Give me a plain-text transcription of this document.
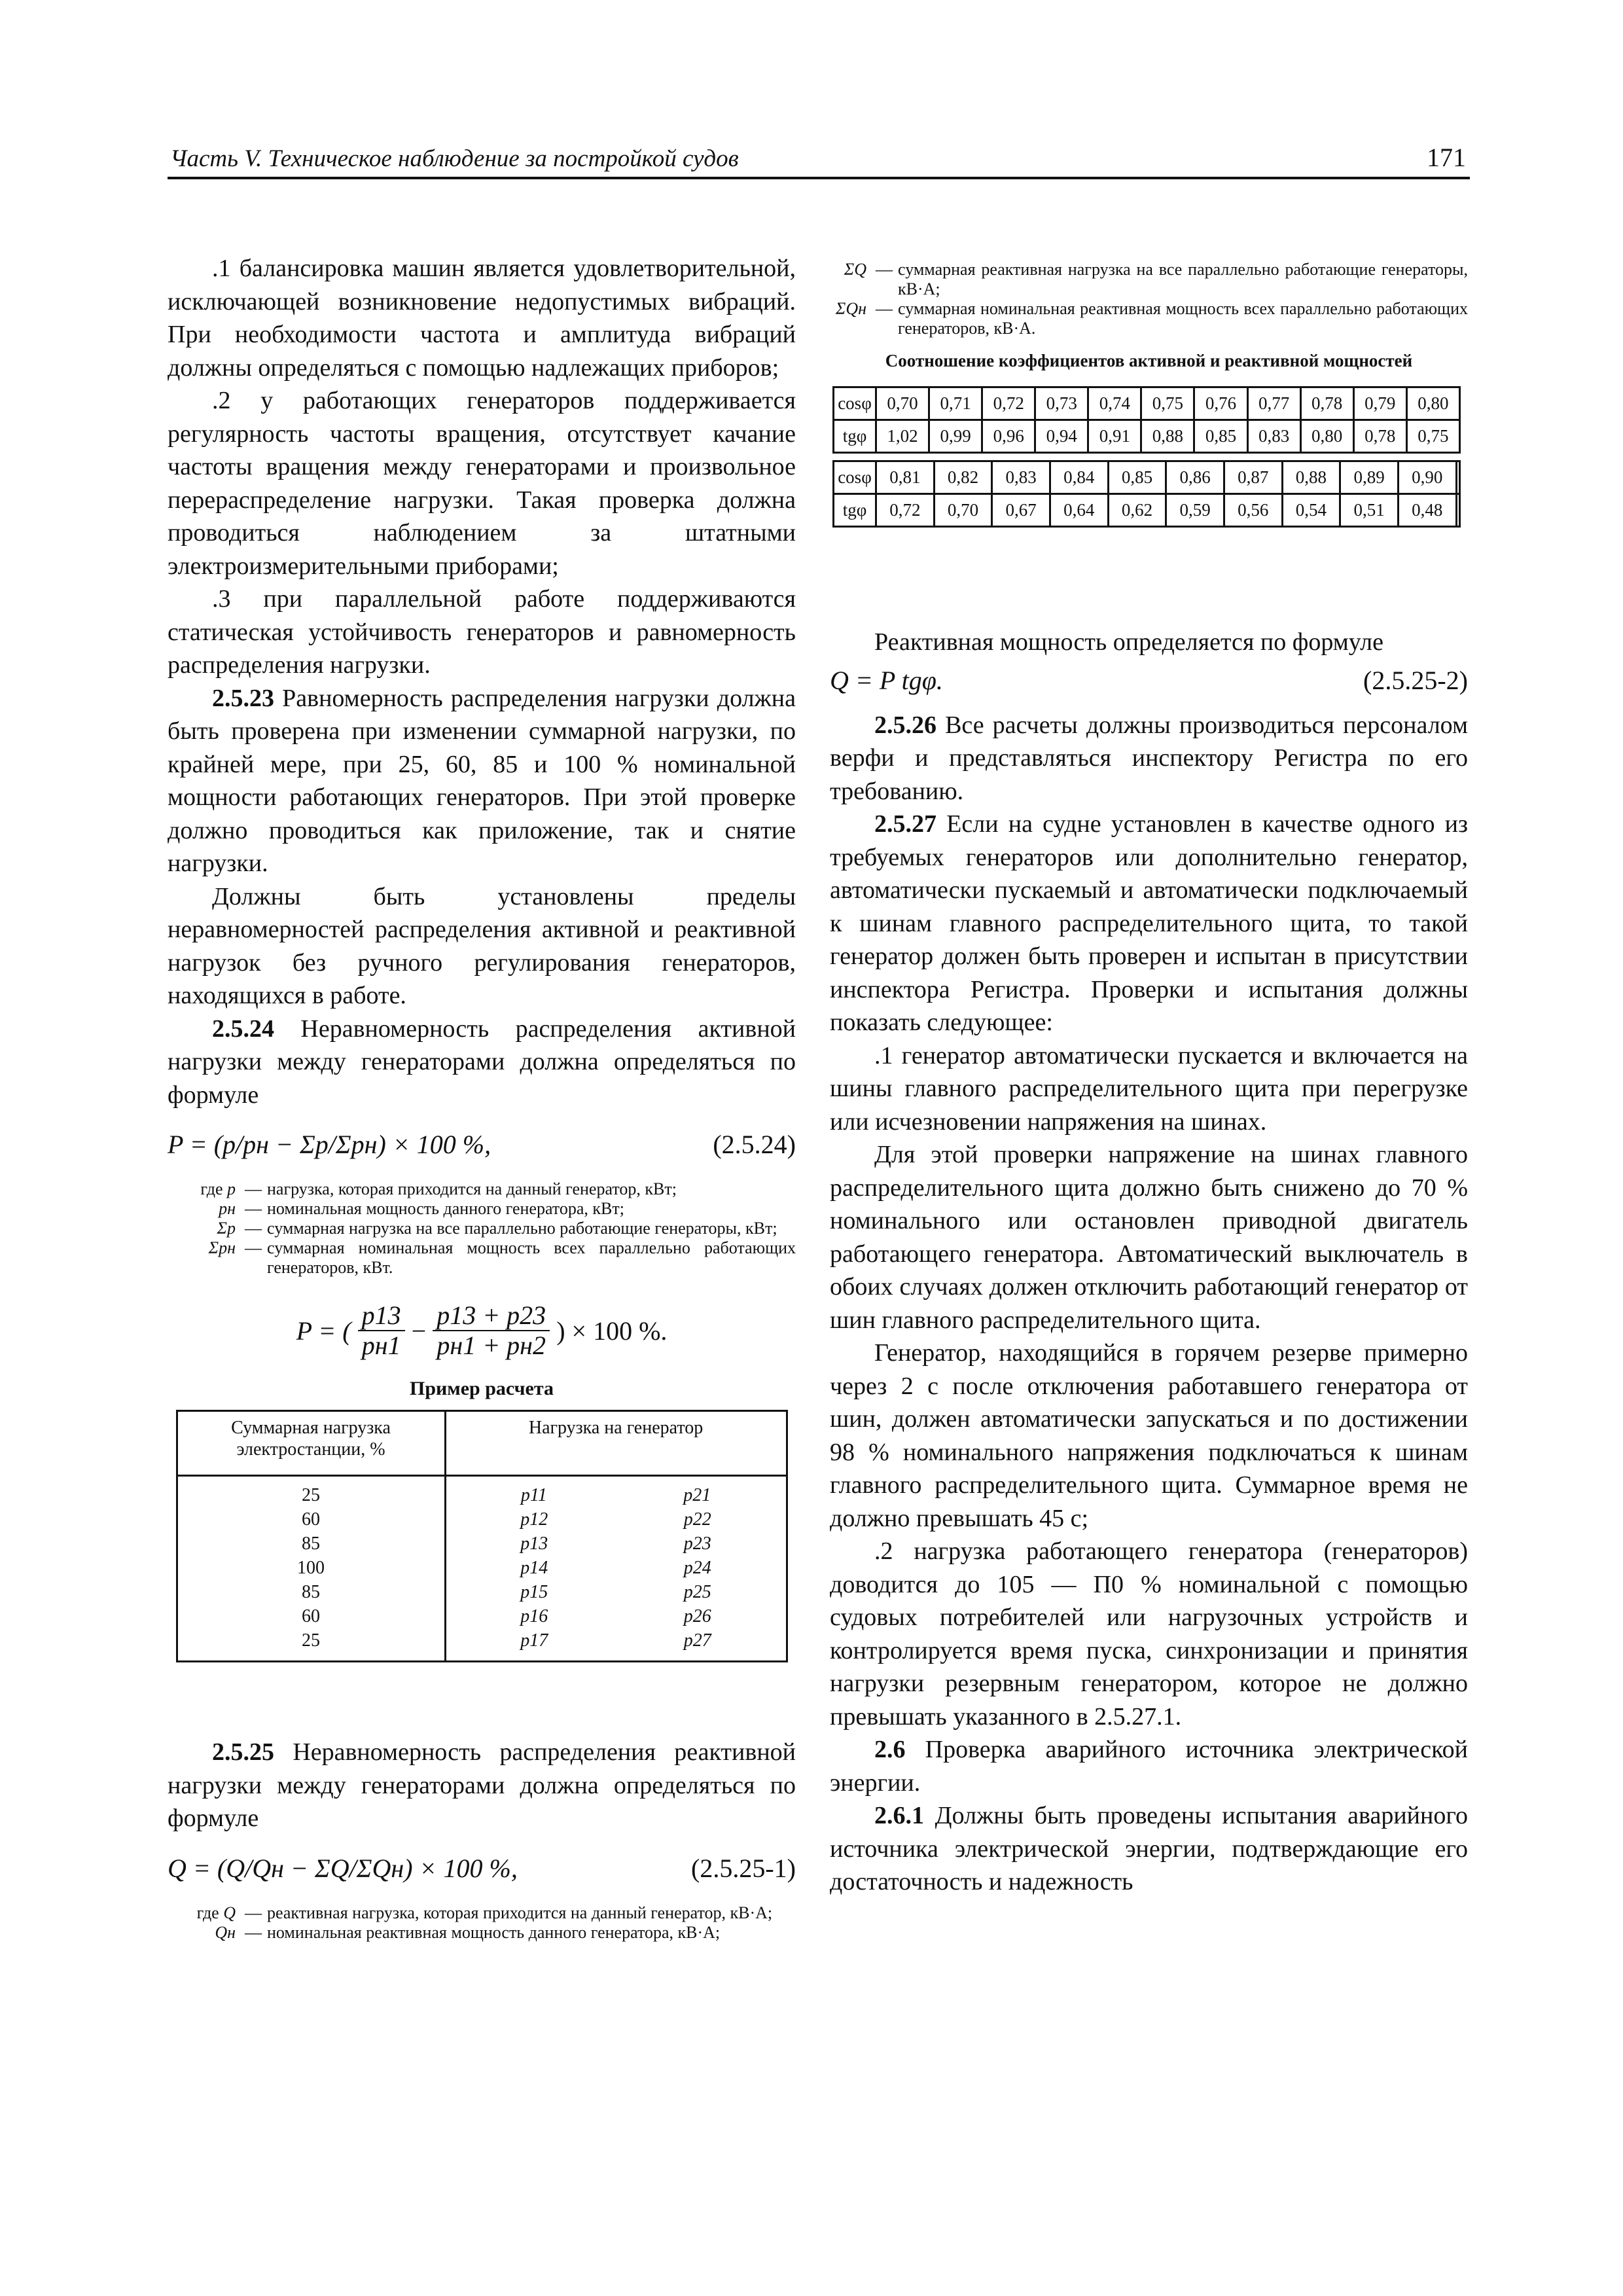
Часть V. Техническое наблюдение за постройкой судов	171

.1 балансировка машин является удовлетворительной, исключающей возникновение недопустимых вибраций. При необходимости частота и амплитуда вибраций должны определяться с помощью надлежащих приборов;

.2 у работающих генераторов поддерживается регулярность частоты вращения, отсутствует качание частоты вращения между генераторами и произвольное перераспределение нагрузки. Такая проверка должна проводиться наблюдением за штатными электроизмерительными приборами;

.3 при параллельной работе поддерживаются статическая устойчивость генераторов и равномерность распределения нагрузки.

2.5.23 Равномерность распределения нагрузки должна быть проверена при изменении суммарной нагрузки, по крайней мере, при 25, 60, 85 и 100 % номинальной мощности работающих генераторов. При этой проверке должно проводиться как приложение, так и снятие нагрузки.

Должны быть установлены пределы неравномерностей распределения активной и реактивной нагрузок без ручного регулирования генераторов, находящихся в работе.

2.5.24 Неравномерность распределения активной нагрузки между генераторами должна определяться по формуле

P = (p/pн − Σp/Σpн) × 100 %,	(2.5.24)
где p — нагрузка, которая приходится на данный генератор, кВт;
pн — номинальная мощность данного генератора, кВт;
Σp — суммарная нагрузка на все параллельно работающие генераторы, кВт;
Σpн — суммарная номинальная мощность всех параллельно работающих генераторов, кВт.
P = ( $\frac{p13}{pн1} - \frac{p13 + p23}{pн1 + pн2}$ ) × 100 %.
Пример расчета
Суммарная нагрузка электростанции, %	Нагрузка на генератор
25	p11 p21

60	p12 p22

85	p13 p23

100	p14 p24

85	p15 p25

60	p16 p26

25	p17 p27

2.5.25 Неравномерность распределения реактивной нагрузки между генераторами должна определяться по формуле

Q = (Q/Qн − ΣQ/ΣQн) × 100 %,	(2.5.25-1)
где Q — реактивная нагрузка, которая приходится на данный генератор, кВ·А;
Qн — номинальная реактивная мощность данного генератора, кВ·А;
ΣQ — суммарная реактивная нагрузка на все параллельно работающие генераторы, кВ·А;
ΣQн — суммарная номинальная реактивная мощность всех параллельно работающих генераторов, кВ·А.
Соотношение коэффициентов активной и реактивной мощностей
cosφ	0,70	0,71	0,72	0,73	0,74	0,75	0,76	0,77	0,78	0,79	0,80
tgφ	1,02	0,99	0,96	0,94	0,91	0,88	0,85	0,83	0,80	0,78	0,75
cosφ	0,81	0,82	0,83	0,84	0,85	0,86	0,87	0,88	0,89	0,90	
tgφ	0,72	0,70	0,67	0,64	0,62	0,59	0,56	0,54	0,51	0,48	

Реактивная мощность определяется по формуле

Q = P tgφ.	(2.5.25-2)

2.5.26 Все расчеты должны производиться персоналом верфи и представляться инспектору Регистра по его требованию.

2.5.27 Если на судне установлен в качестве одного из требуемых генераторов или дополнительно генератор, автоматически пускаемый и автоматически подключаемый к шинам главного распределительного щита, то такой генератор должен быть проверен и испытан в присутствии инспектора Регистра. Проверки и испытания должны показать следующее:

.1 генератор автоматически пускается и включается на шины главного распределительного щита при перегрузке или исчезновении напряжения на шинах.

Для этой проверки напряжение на шинах главного распределительного щита должно быть снижено до 70 % номинального или остановлен приводной двигатель работающего генератора. Автоматический выключатель в обоих случаях должен отключить работающий генератор от шин главного распределительного щита.

Генератор, находящийся в горячем резерве примерно через 2 с после отключения работавшего генератора от шин, должен автоматически запускаться и по достижении 98 % номинального напряжения подключаться к шинам главного распределительного щита. Суммарное время не должно превышать 45 с;

.2 нагрузка работающего генератора (генераторов) доводится до 105 — П0 % номинальной с помощью судовых потребителей или нагрузочных устройств и контролируется время пуска, синхронизации и принятия нагрузки резервным генератором, которое не должно превышать указанного в 2.5.27.1.

2.6 Проверка аварийного источника электрической энергии.

2.6.1 Должны быть проведены испытания аварийного источника электрической энергии, подтверждающие его достаточность и надежность
